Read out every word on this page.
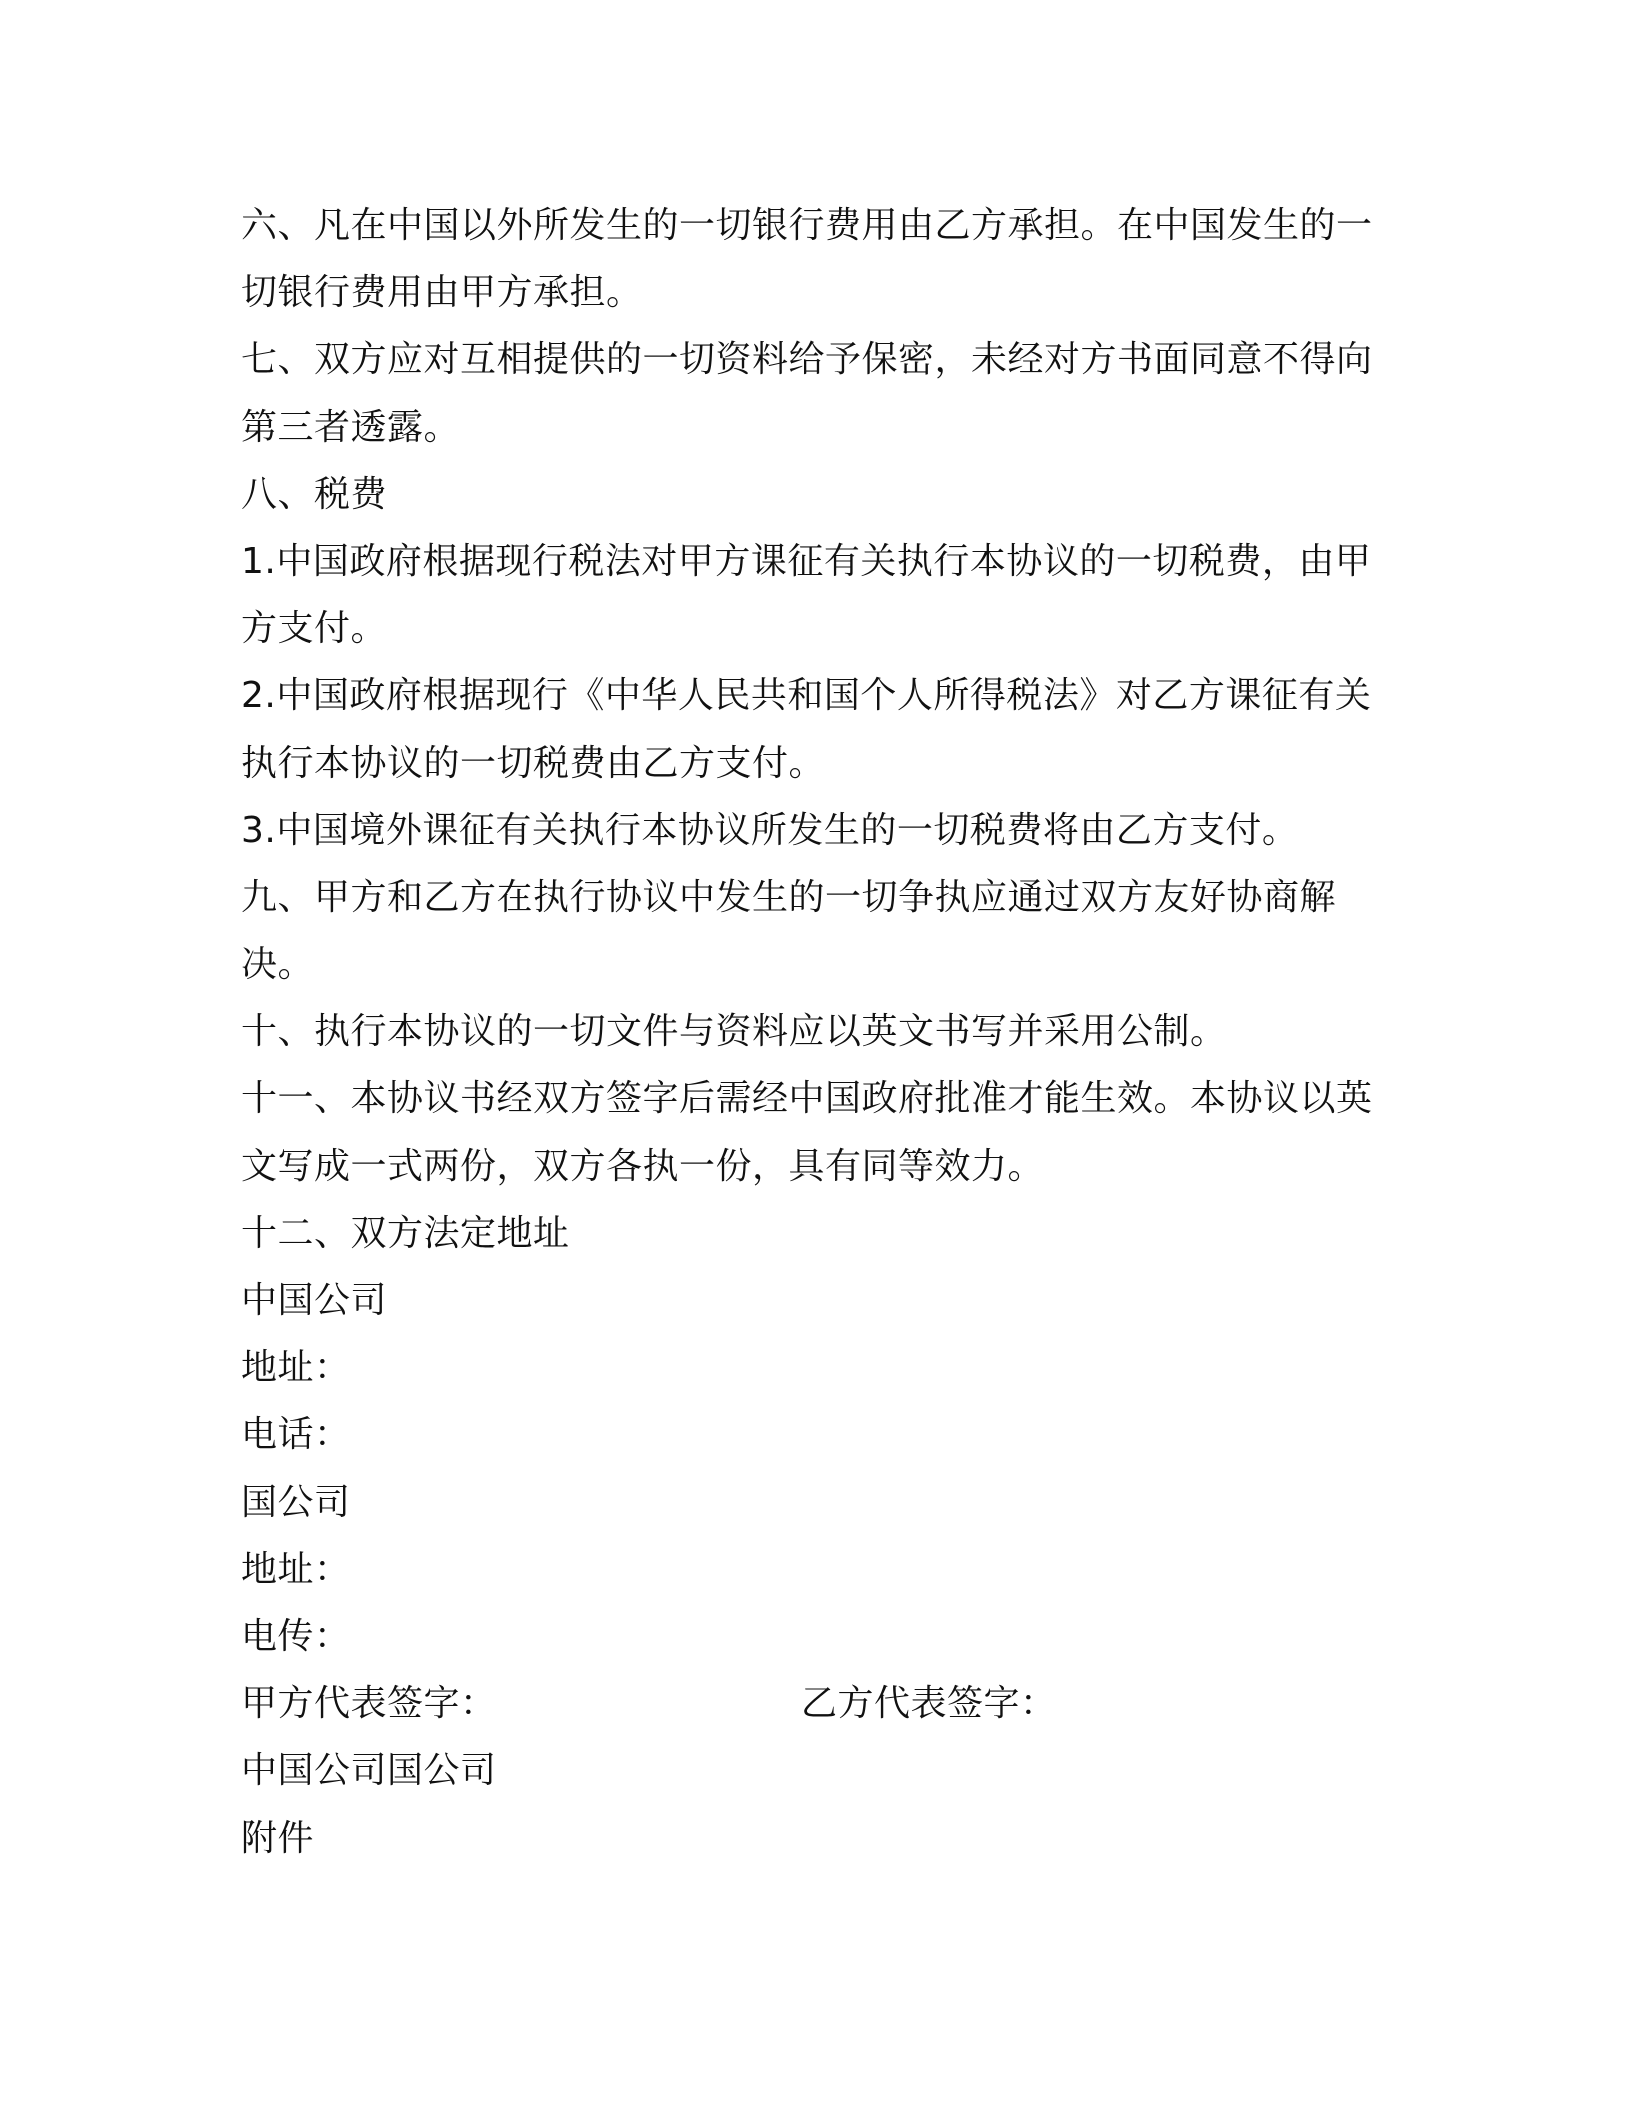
六、凡在中国以外所发生的一切银行费用由乙方承担。在中国发生的一
切银行费用由甲方承担。
七、双方应对互相提供的一切资料给予保密，未经对方书面同意不得向
第三者透露。
八、税费
1.中国政府根据现行税法对甲方课征有关执行本协议的一切税费，由甲
方支付。
2.中国政府根据现行《中华人民共和国个人所得税法》对乙方课征有关
执行本协议的一切税费由乙方支付。
3.中国境外课征有关执行本协议所发生的一切税费将由乙方支付。
九、甲方和乙方在执行协议中发生的一切争执应通过双方友好协商解
决。
十、执行本协议的一切文件与资料应以英文书写并采用公制。
十一、本协议书经双方签字后需经中国政府批准才能生效。本协议以英
文写成一式两份，双方各执一份，具有同等效力。
十二、双方法定地址
中国公司
地址：
电话：
国公司
地址：
电传：
甲方代表签字：	乙方代表签字：
中国公司国公司
附件
